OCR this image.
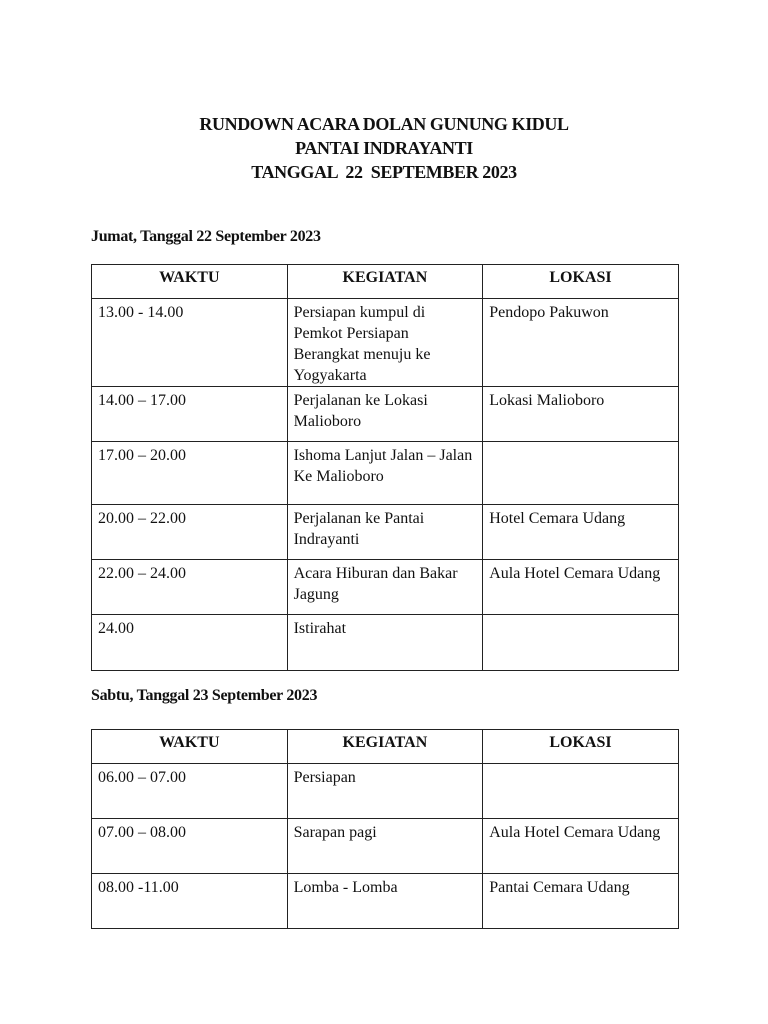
RUNDOWN ACARA DOLAN GUNUNG KIDUL
PANTAI INDRAYANTI
TANGGAL  22  SEPTEMBER 2023
Jumat, Tanggal 22 September 2023
WAKTU	KEGIATAN	LOKASI
13.00 - 14.00	Persiapan kumpul di Pemkot Persiapan Berangkat menuju ke Yogyakarta	Pendopo Pakuwon
14.00 – 17.00	Perjalanan ke Lokasi Malioboro	Lokasi Malioboro
17.00 – 20.00	Ishoma Lanjut Jalan – Jalan Ke Malioboro	
20.00 – 22.00	Perjalanan ke Pantai Indrayanti	Hotel Cemara Udang
22.00 – 24.00	Acara Hiburan dan Bakar Jagung	Aula Hotel Cemara Udang
24.00	Istirahat	
Sabtu, Tanggal 23 September 2023
WAKTU	KEGIATAN	LOKASI
06.00 – 07.00	Persiapan	
07.00 – 08.00	Sarapan pagi	Aula Hotel Cemara Udang
08.00 -11.00	Lomba - Lomba	Pantai Cemara Udang
